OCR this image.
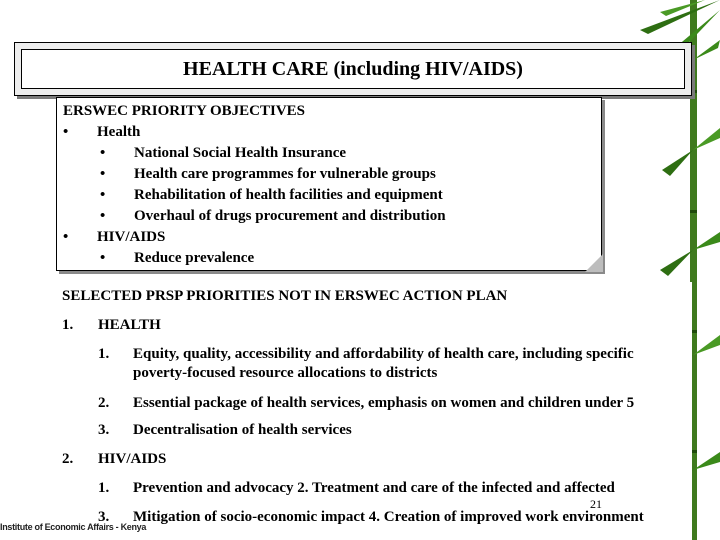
HEALTH CARE (including HIV/AIDS)
ERSWEC PRIORITY OBJECTIVES
• Health
• National Social Health Insurance
• Health care programmes for vulnerable groups
• Rehabilitation of health facilities and equipment
• Overhaul of drugs procurement and distribution
• HIV/AIDS
• Reduce prevalence
SELECTED PRSP PRIORITIES NOT IN ERSWEC ACTION PLAN
1. HEALTH
1. Equity, quality, accessibility and affordability of health care, including specific
poverty-focused resource allocations to districts
2. Essential package of health services, emphasis on women and children under 5
3. Decentralisation of health services
2. HIV/AIDS
1. Prevention and advocacy 2. Treatment and care of the infected and affected
3. Mitigation of socio-economic impact 4. Creation of improved work environment
21
Institute of Economic Affairs - Kenya
